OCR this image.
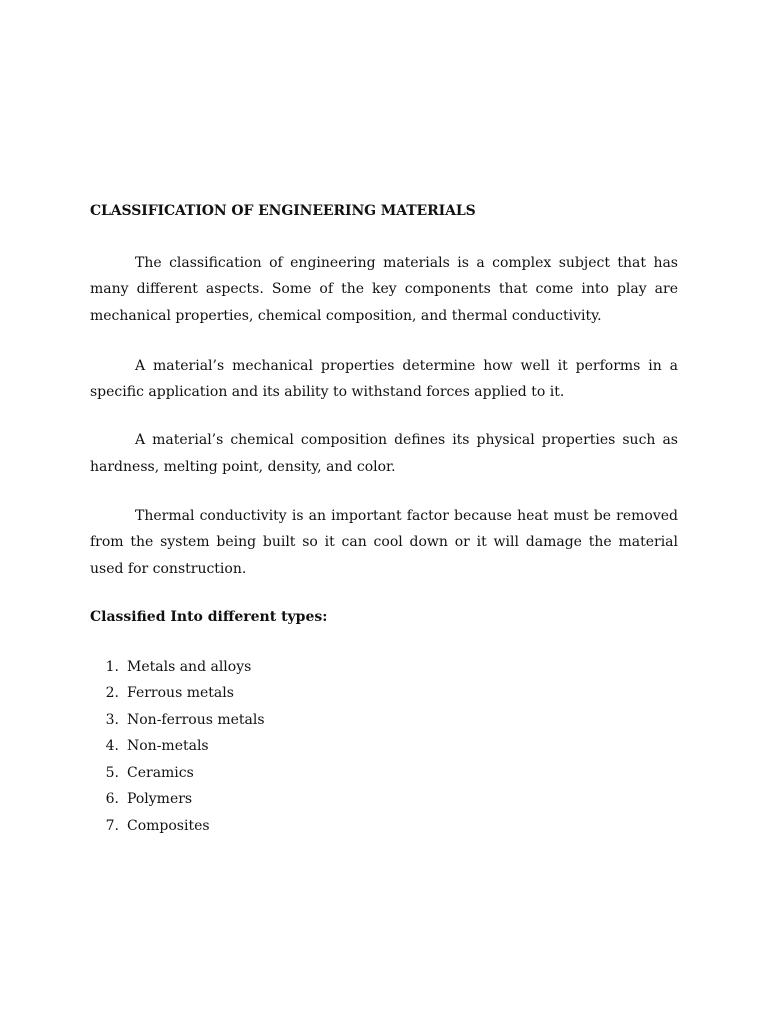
CLASSIFICATION OF ENGINEERING MATERIALS

The classification of engineering materials is a complex subject that has many different aspects. Some of the key components that come into play are mechanical properties, chemical composition, and thermal conductivity.

A material’s mechanical properties determine how well it performs in a specific application and its ability to withstand forces applied to it.

A material’s chemical composition defines its physical properties such as hardness, melting point, density, and color.

Thermal conductivity is an important factor because heat must be removed from the system being built so it can cool down or it will damage the material used for construction.

Classified Into different types:

1. Metals and alloys
2. Ferrous metals
3. Non-ferrous metals
4. Non-metals
5. Ceramics
6. Polymers
7. Composites
